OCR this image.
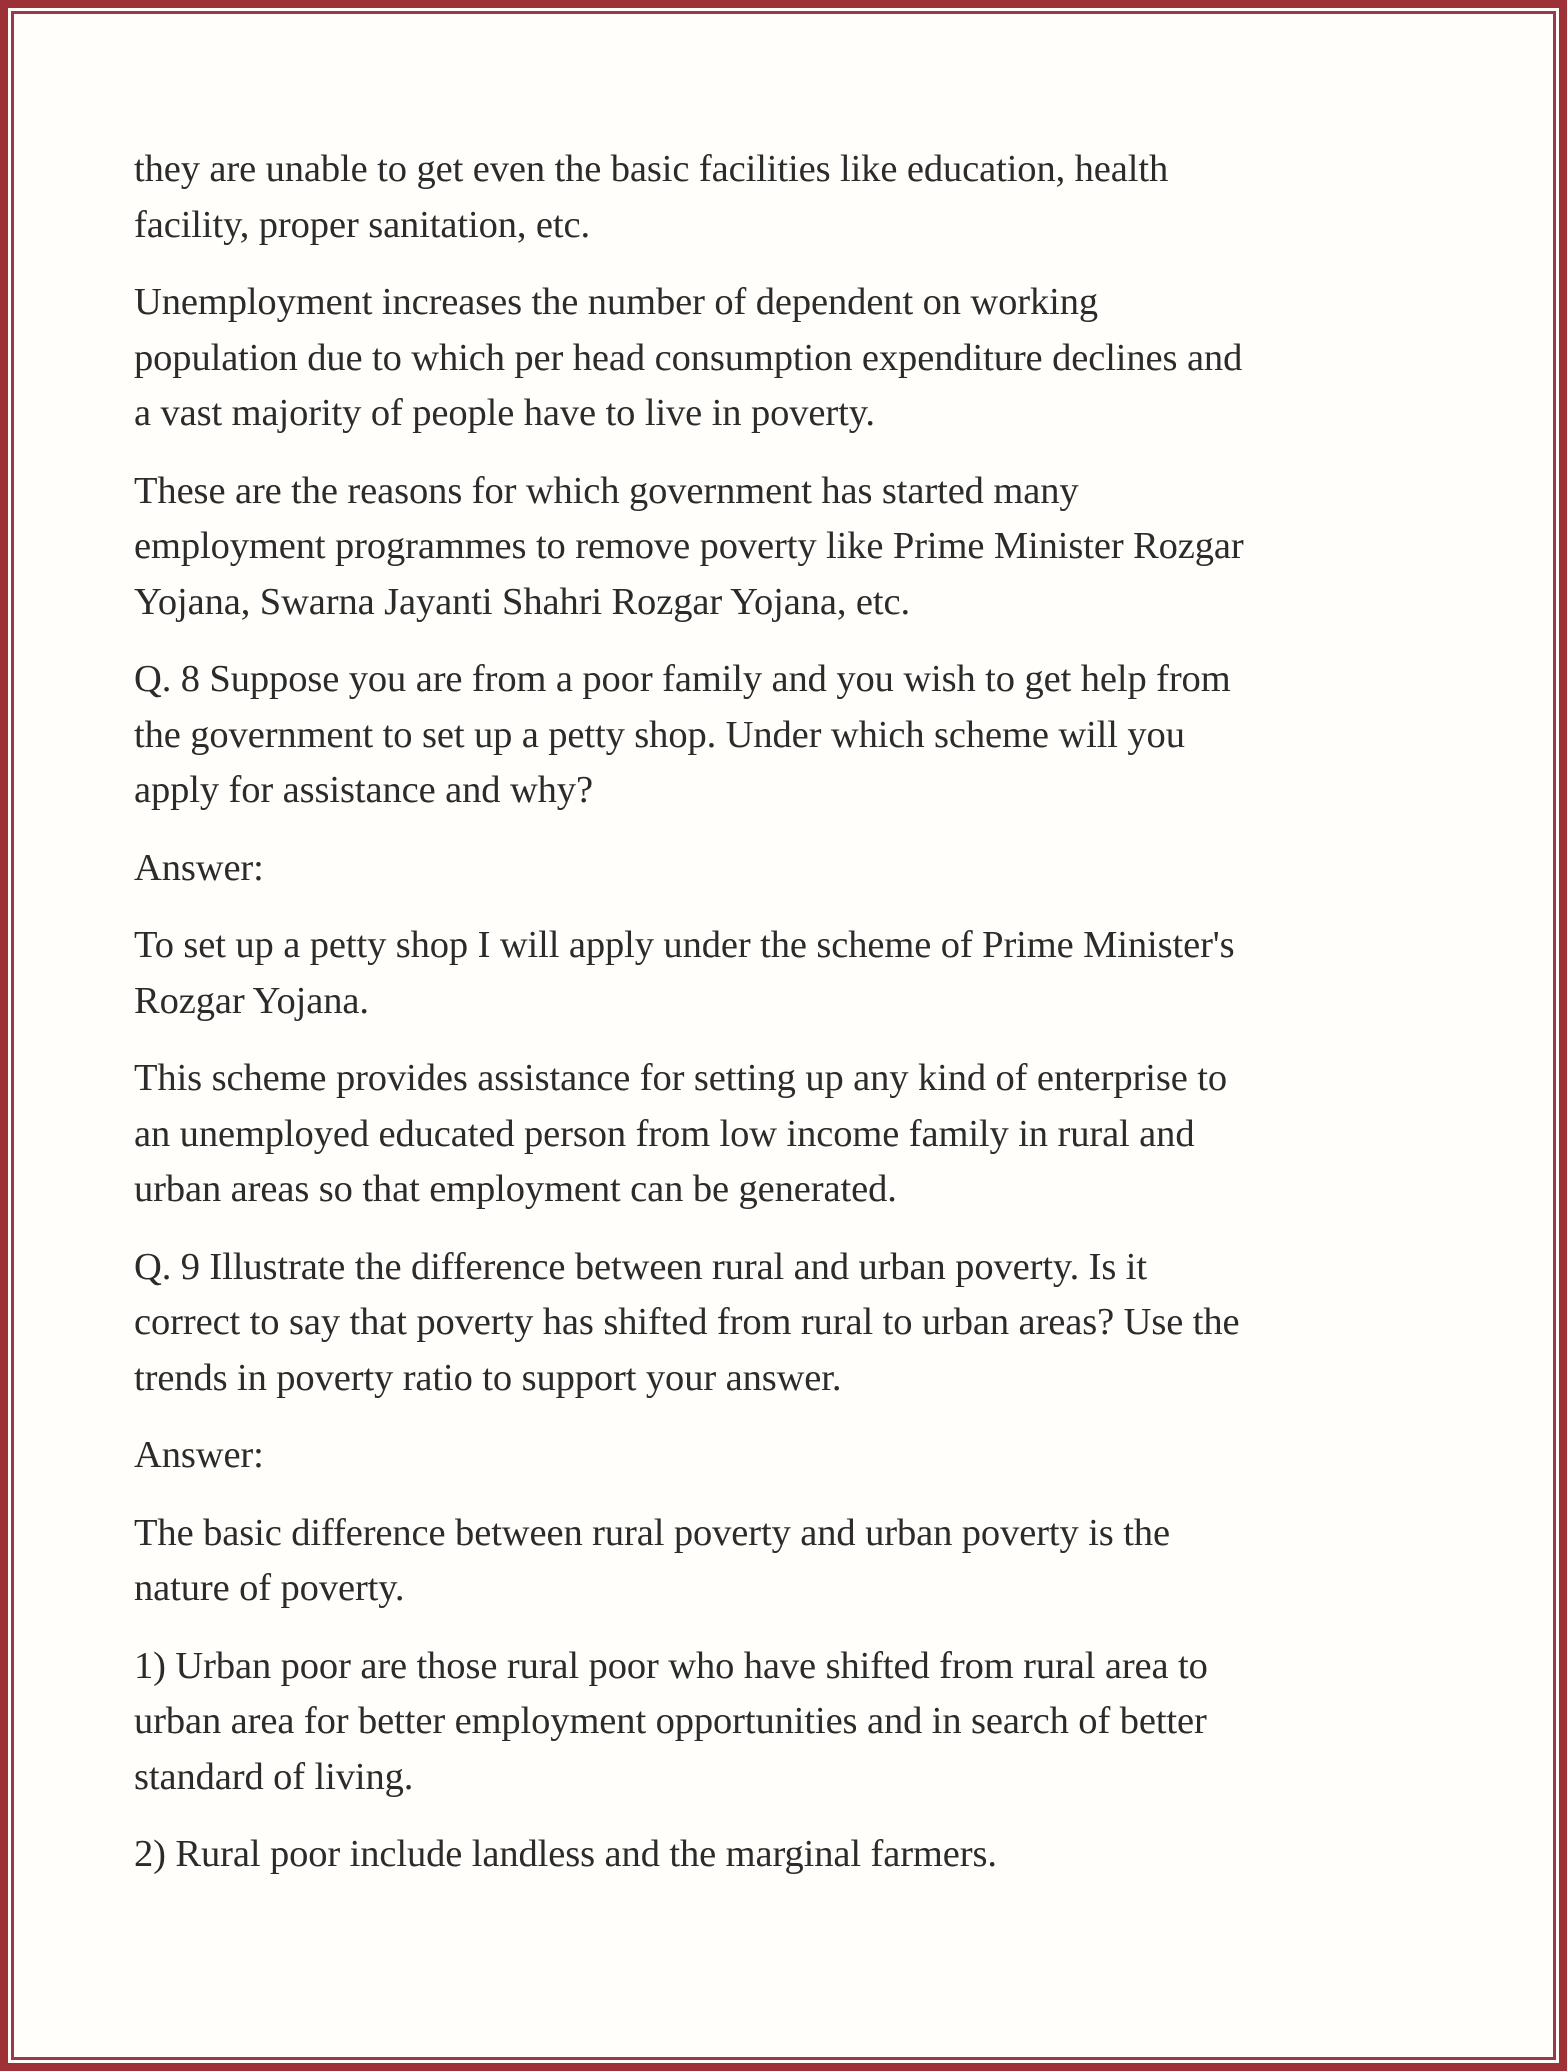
they are unable to get even the basic facilities like education, health
facility, proper sanitation, etc.

Unemployment increases the number of dependent on working
population due to which per head consumption expenditure declines and
a vast majority of people have to live in poverty.

These are the reasons for which government has started many
employment programmes to remove poverty like Prime Minister Rozgar
Yojana, Swarna Jayanti Shahri Rozgar Yojana, etc.

Q. 8 Suppose you are from a poor family and you wish to get help from
the government to set up a petty shop. Under which scheme will you
apply for assistance and why?

Answer:

To set up a petty shop I will apply under the scheme of Prime Minister's
Rozgar Yojana.

This scheme provides assistance for setting up any kind of enterprise to
an unemployed educated person from low income family in rural and
urban areas so that employment can be generated.

Q. 9 Illustrate the difference between rural and urban poverty. Is it
correct to say that poverty has shifted from rural to urban areas? Use the
trends in poverty ratio to support your answer.

Answer:

The basic difference between rural poverty and urban poverty is the
nature of poverty.

1) Urban poor are those rural poor who have shifted from rural area to
urban area for better employment opportunities and in search of better
standard of living.

2) Rural poor include landless and the marginal farmers.
